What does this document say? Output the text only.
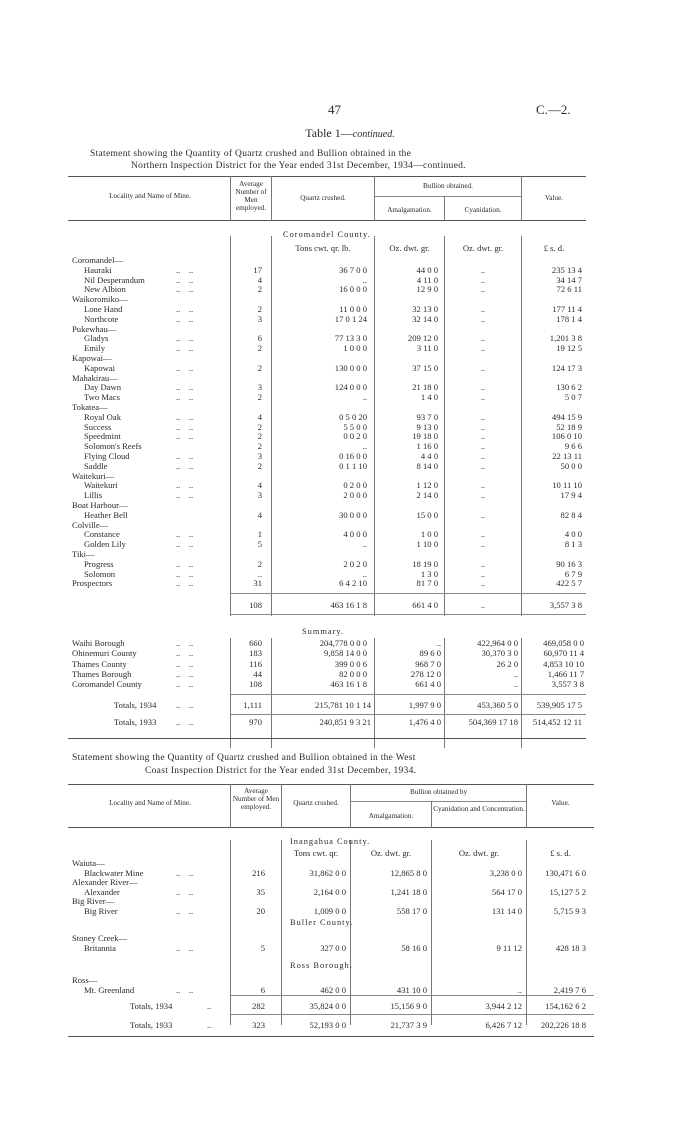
47	C.—2.
Table 1—continued.
Statement showing the Quantity of Quartz crushed and Bullion obtained in the
Northern Inspection District for the Year ended 31st December, 1934—continued.
Locality and Name of Mine.
Average Number of Men employed.
Quartz crushed.
Bullion obtained.
Amalgamation.	Cyanidation.
Value.
Coromandel County.
Tons cwt. qr. lb.	Oz. dwt. gr.	Oz. dwt. gr.	£ s. d.
Coromandel—
Hauraki	..    ..	17	36 7 0 0	44 0 0	..	235 13 4
Nil Desperandum	..    ..	4	..	4 11 0	..	34 14 7
New Albion	..    ..	2	16 0 0 0	12 9 0	..	72 6 11
Waikoromiko—
Lone Hand	..    ..	2	11 0 0 0	32 13 0	..	177 11 4
Northcote	..    ..	3	17 0 1 24	32 14 0	..	178 1 4
Pukewhau—
Gladys	..    ..	6	77 13 3 0	209 12 0	..	1,201 3 8
Emily	..    ..	2	1 0 0 0	3 11 0	..	19 12 5
Kapowai—
Kapowai	..    ..	2	130 0 0 0	37 15 0	..	124 17 3
Mahakirau—
Day Dawn	..    ..	3	124 0 0 0	21 18 0	..	130 6 2
Two Macs	..    ..	2	..	1 4 0	..	5 0 7
Tokatea—
Royal Oak	..    ..	4	0 5 0 20	93 7 0	..	494 15 9
Success	..    ..	2	5 5 0 0	9 13 0	..	52 18 9
Speedmint	..    ..	2	0 0 2 0	19 18 0	..	106 0 10
Solomon's Reefs	2	..	1 16 0	..	9 6 6
Flying Cloud	..    ..	3	0 16 0 0	4 4 0	..	22 13 11
Saddle	..    ..	2	0 1 1 10	8 14 0	..	50 0 0
Waitekuri—
Waitekuri	..    ..	4	0 2 0 0	1 12 0	..	10 11 10
Lillis	..    ..	3	2 0 0 0	2 14 0	..	17 9 4
Boat Harbour—
Heather Bell	4	30 0 0 0	15 0 0	..	82 8 4
Colville—
Constance	..    ..	1	4 0 0 0	1 0 0	..	4 0 0
Golden Lily	..    ..	5	..	1 10 0	..	8 1 3
Tiki—
Progress	..    ..	2	2 0 2 0	18 19 0	..	90 16 3
Solomon	..    ..	..	..	1 3 0	..	6 7 9
Prospectors	..    ..	31	6 4 2 10	81 7 0	..	422 5 7
108	463 16 1 8	661 4 0	..	3,557 3 8
Summary.
Waihi Borough	660	204,778 0 0 0	..	422,964 0 0	469,058 0 0
..    ..
Ohinemuri County	183	9,858 14 0 0	89 6 0	30,370 3 0	60,970 11 4
..    ..
Thames County	116	399 0 0 6	968 7 0	26 2 0	4,853 10 10
..    ..
Thames Borough	44	82 0 0 0	278 12 0	..	1,466 11 7
..    ..
Coromandel County	108	463 16 1 8	661 4 0	..	3,557 3 8
..    ..
Totals, 1934 ..    ..	1,111	215,781 10 1 14	1,997 9 0	453,360 5 0	539,905 17 5
Totals, 1933 ..    ..	970	240,851 9 3 21	1,476 4 0	504,369 17 18	514,452 12 11
Statement showing the Quantity of Quartz crushed and Bullion obtained in the West
Coast Inspection District for the Year ended 31st December, 1934.
Locality and Name of Mine.
Average Number of Men employed.	Quartz crushed.
Bullion obtained by
Amalgamation.
Cyanidation and Concentration.
Value.
Inangahua County.
Tons cwt. qr.	Oz. dwt. gr.	Oz. dwt. gr.	£ s. d.
Waiuta—
Blackwater Mine	..    ..	216	31,862 0 0	12,865 8 0	3,238 0 0	130,471 6 0
Alexander River—
Alexander	..    ..	35	2,164 0 0	1,241 18 0	564 17 0	15,127 5 2
Big River—
Big River	..    ..	20	1,009 0 0	558 17 0	131 14 0	5,715 9 3
Buller County.
Stoney Creek—
Britannia	..    ..	5	327 0 0	58 16 0	9 11 12	428 18 3
Ross Borough.
Ross—
Mt. Greenland	..    ..	6	462 0 0	431 10 0	..	2,419 7 6
Totals, 1934	..	282	35,824 0 0	15,156 9 0	3,944 2 12	154,162 6 2
Totals, 1933	..	323	52,193 0 0	21,737 3 9	6,426 7 12	202,226 18 8
